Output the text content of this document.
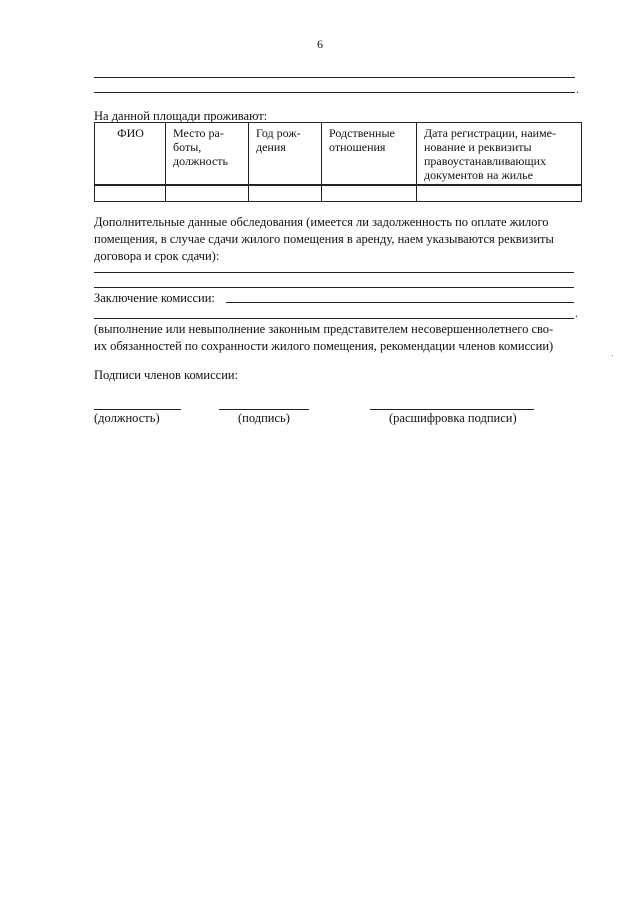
6
.
На данной площади проживают:
ФИО	Место ра-боты, должность	Год рож-дения	Родственные отношения	Дата регистрации, наиме-нование и реквизиты правоустанавливающих документов на жилье

Дополнительные данные обследования (имеется ли задолженность по оплате жилого
помещения, в случае сдачи жилого помещения в аренду, наем указываются реквизиты
договора и срок сдачи):
Заключение комиссии:
.
(выполнение или невыполнение законным представителем несовершеннолетнего сво-
их обязанностей по сохранности жилого помещения, рекомендации членов комиссии)
Подписи членов комиссии:
(должность)	(подпись)	(расшифровка подписи)
